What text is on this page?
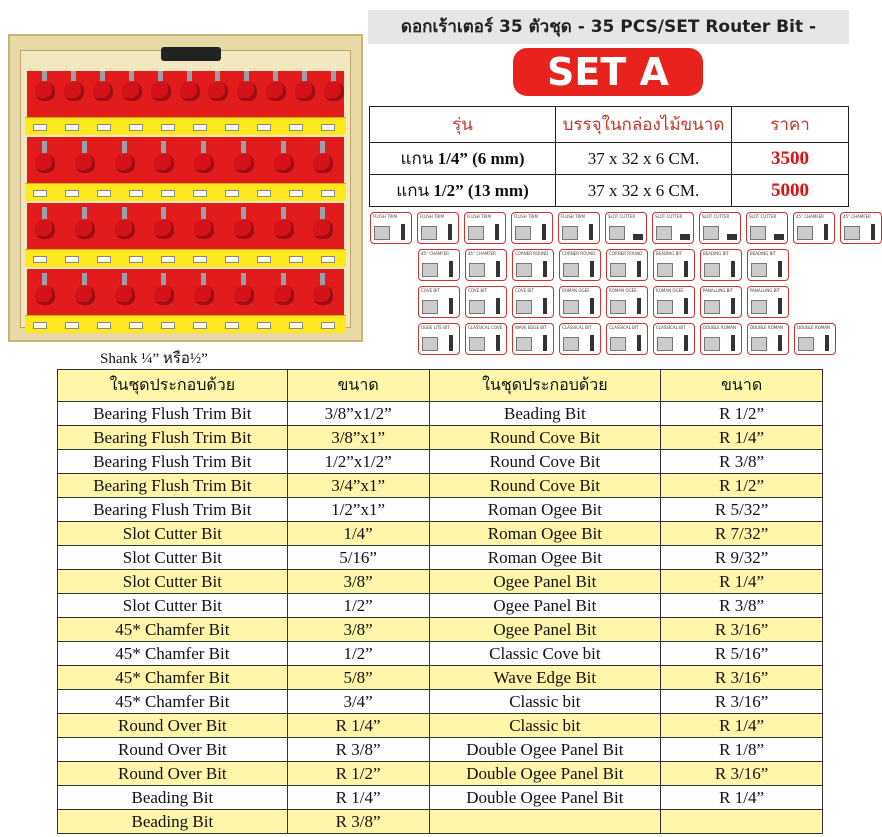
Shank ¼” หรือ½”
ดอกเร้าเตอร์ 35 ตัวชุด - 35 PCS/SET Router Bit -
SET A
รุ่น	บรรจุในกล่องไม้ขนาด	ราคา
แกน 1/4” (6 mm)	37 x 32 x 6 CM.	3500
แกน 1/2” (13 mm)	37 x 32 x 6 CM.	5000
FLUSH TRIM	FLUSH TRIM	FLUSH TRIM	FLUSH TRIM	FLUSH TRIM	SLOT CUTTER	SLOT CUTTER	SLOT CUTTER	SLOT CUTTER	45° CHAMFER	45° CHAMFER
45° CHAMFER	45° CHAMFER	CORNER ROUND	CORNER ROUND	CORNER ROUND	BEADING BIT	BEADING BIT	BEADING BIT
COVE BIT	COVE BIT	COVE BIT	ROMAN OGEE	ROMAN OGEE	ROMAN OGEE	PANALLING BIT	PANALLING BIT
OGEE LITE BIT	CLASSICAL COVE	WAVE EDGE BIT	CLASSICAL BIT	CLASSICAL BIT	CLASSICAL BIT	DOUBLE ROMAN	DOUBLE ROMAN	DOUBLE ROMAN
ในชุดประกอบด้วย	ขนาด	ในชุดประกอบด้วย	ขนาด
Bearing Flush Trim Bit	3/8”x1/2”	Beading Bit	R 1/2”
Bearing Flush Trim Bit	3/8”x1”	Round Cove Bit	R 1/4”
Bearing Flush Trim Bit	1/2”x1/2”	Round Cove Bit	R 3/8”
Bearing Flush Trim Bit	3/4”x1”	Round Cove Bit	R 1/2”
Bearing Flush Trim Bit	1/2”x1”	Roman Ogee Bit	R 5/32”
Slot Cutter Bit	1/4”	Roman Ogee Bit	R 7/32”
Slot Cutter Bit	5/16”	Roman Ogee Bit	R 9/32”
Slot Cutter Bit	3/8”	Ogee Panel Bit	R 1/4”
Slot Cutter Bit	1/2”	Ogee Panel Bit	R 3/8”
45* Chamfer Bit	3/8”	Ogee Panel Bit	R 3/16”
45* Chamfer Bit	1/2”	Classic Cove bit	R 5/16”
45* Chamfer Bit	5/8”	Wave Edge Bit	R 3/16”
45* Chamfer Bit	3/4”	Classic bit	R 3/16”
Round Over Bit	R 1/4”	Classic bit	R 1/4”
Round Over Bit	R 3/8”	Double Ogee Panel Bit	R 1/8”
Round Over Bit	R 1/2”	Double Ogee Panel Bit	R 3/16”
Beading Bit	R 1/4”	Double Ogee Panel Bit	R 1/4”
Beading Bit	R 3/8”		
